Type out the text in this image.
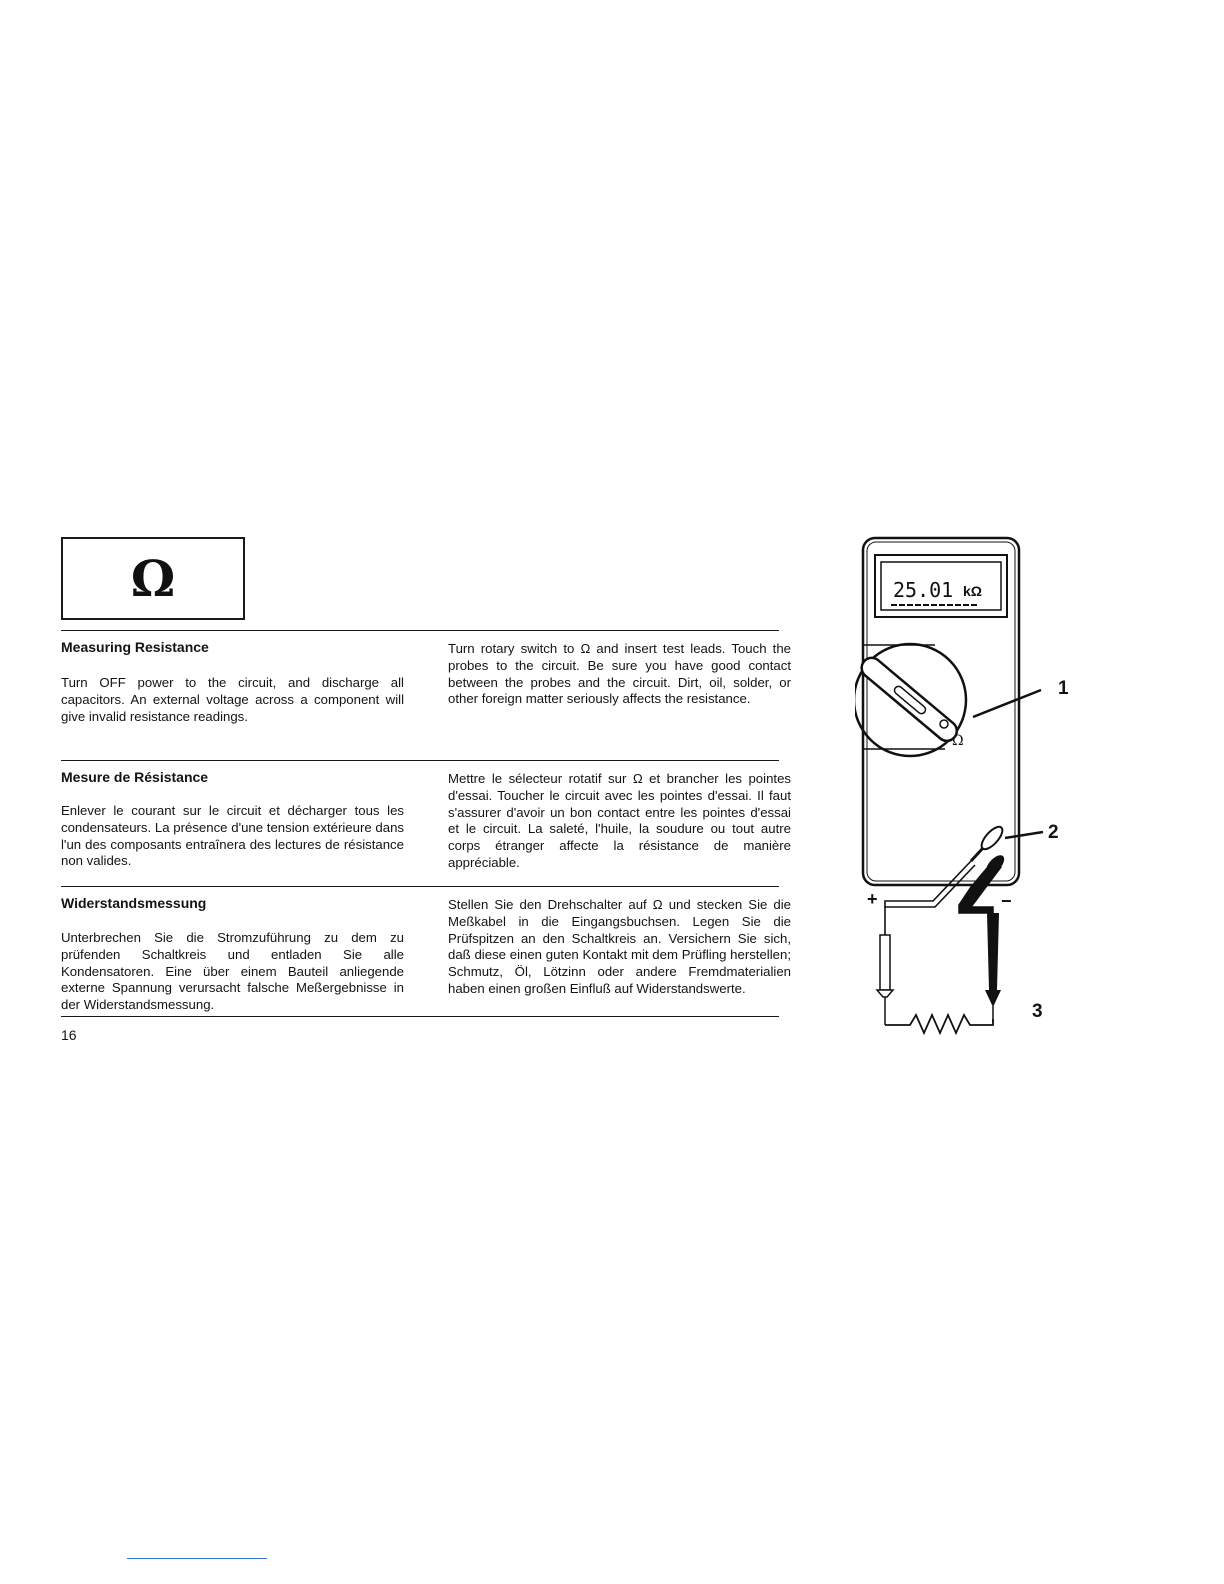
Ω
Measuring Resistance

Turn OFF power to the circuit, and discharge all capacitors. An external voltage across a component will give invalid resistance readings.

Turn rotary switch to Ω and insert test leads. Touch the probes to the circuit. Be sure you have good contact between the probes and the circuit. Dirt, oil, solder, or other foreign matter seriously affects the resistance.

Mesure de Résistance

Enlever le courant sur le circuit et décharger tous les condensateurs. La présence d'une tension extérieure dans l'un des composants entraînera des lectures de résistance non valides.

Mettre le sélecteur rotatif sur Ω et brancher les pointes d'essai. Toucher le circuit avec les pointes d'essai. Il faut s'assurer d'avoir un bon contact entre les pointes d'essai et le circuit. La saleté, l'huile, la soudure ou tout autre corps étranger affecte la résistance de manière appréciable.

Widerstandsmessung

Unterbrechen Sie die Stromzuführung zu dem zu prüfenden Schaltkreis und entladen Sie alle Kondensatoren. Eine über einem Bauteil anliegende externe Spannung verursacht falsche Meßergebnisse in der Widerstandsmessung.

Stellen Sie den Drehschalter auf Ω und stecken Sie die Meßkabel in die Eingangsbuchsen. Legen Sie die Prüfspitzen an den Schaltkreis an. Versichern Sie sich, daß diese einen guten Kontakt mit dem Prüfling herstellen; Schmutz, Öl, Lötzinn oder andere Fremdmaterialien haben einen großen Einfluß auf Widerstandswerte.

16
25.01 kΩ
Ω
+	−
1
2
3
